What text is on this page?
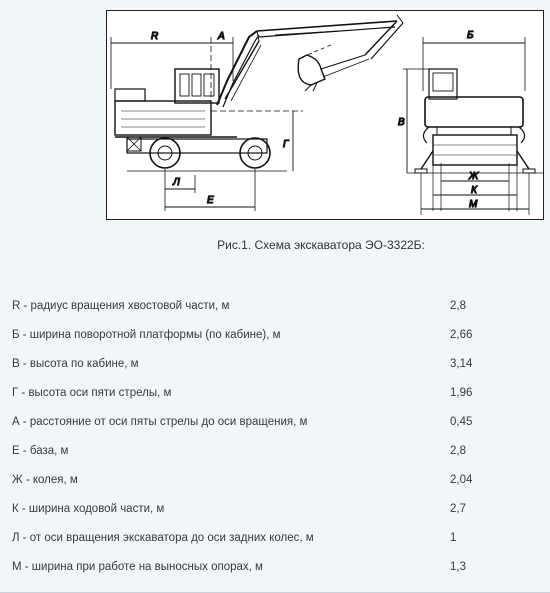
R	A
Г
Л
Е
Б
В
Ж
К
М
Рис.1. Схема экскаватора ЭО-3322Б:
R - радиус вращения хвостовой части, м	2,8
Б - ширина поворотной платформы (по кабине), м	2,66
В - высота по кабине, м	3,14
Г - высота оси пяти стрелы, м	1,96
А - расстояние от оси пяты стрелы до оси вращения, м	0,45
Е - база, м	2,8
Ж - колея, м	2,04
К - ширина ходовой части, м	2,7
Л - от оси вращения экскаватора до оси задних колес, м	1
М - ширина при работе на выносных опорах, м	1,3
